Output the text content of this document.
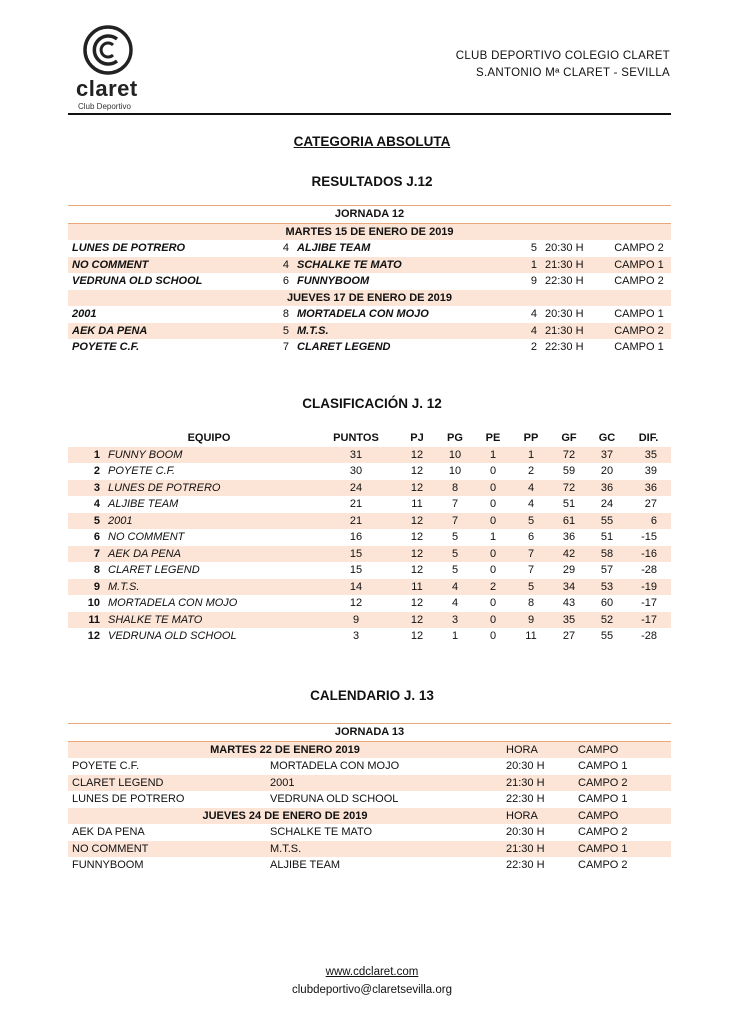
claret
Club Deportivo
CLUB DEPORTIVO COLEGIO CLARET
S.ANTONIO Mª CLARET - SEVILLA
CATEGORIA ABSOLUTA
RESULTADOS J.12
JORNADA 12					
MARTES 15 DE ENERO DE 2019					
LUNES DE POTRERO	4	ALJIBE TEAM	5	20:30 H	CAMPO 2
NO COMMENT	4	SCHALKE TE MATO	1	21:30 H	CAMPO 1
VEDRUNA OLD SCHOOL	6	FUNNYBOOM	9	22:30 H	CAMPO 2
JUEVES 17 DE ENERO DE 2019					
2001	8	MORTADELA CON MOJO	4	20:30 H	CAMPO 1
AEK DA PENA	5	M.T.S.	4	21:30 H	CAMPO 2
POYETE C.F.	7	CLARET LEGEND	2	22:30 H	CAMPO 1
CLASIFICACIÓN J. 12
	EQUIPO	PUNTOS	PJ	PG	PE	PP	GF	GC	DIF.
1	FUNNY BOOM	31	12	10	1	1	72	37	35
2	POYETE C.F.	30	12	10	0	2	59	20	39
3	LUNES DE POTRERO	24	12	8	0	4	72	36	36
4	ALJIBE TEAM	21	11	7	0	4	51	24	27
5	2001	21	12	7	0	5	61	55	6
6	NO COMMENT	16	12	5	1	6	36	51	-15
7	AEK DA PENA	15	12	5	0	7	42	58	-16
8	CLARET LEGEND	15	12	5	0	7	29	57	-28
9	M.T.S.	14	11	4	2	5	34	53	-19
10	MORTADELA CON MOJO	12	12	4	0	8	43	60	-17
11	SHALKE TE MATO	9	12	3	0	9	35	52	-17
12	VEDRUNA OLD SCHOOL	3	12	1	0	11	27	55	-28
CALENDARIO J. 13
JORNADA 13			
MARTES 22 DE ENERO 2019		HORA	CAMPO
POYETE C.F.	MORTADELA CON MOJO	20:30 H	CAMPO 1
CLARET LEGEND	2001	21:30 H	CAMPO 2
LUNES DE POTRERO	VEDRUNA OLD SCHOOL	22:30 H	CAMPO 1
JUEVES 24 DE ENERO DE 2019		HORA	CAMPO
AEK DA PENA	SCHALKE TE MATO	20:30 H	CAMPO 2
NO COMMENT	M.T.S.	21:30 H	CAMPO 1
FUNNYBOOM	ALJIBE TEAM	22:30 H	CAMPO 2
www.cdclaret.com
clubdeportivo@claretsevilla.org
